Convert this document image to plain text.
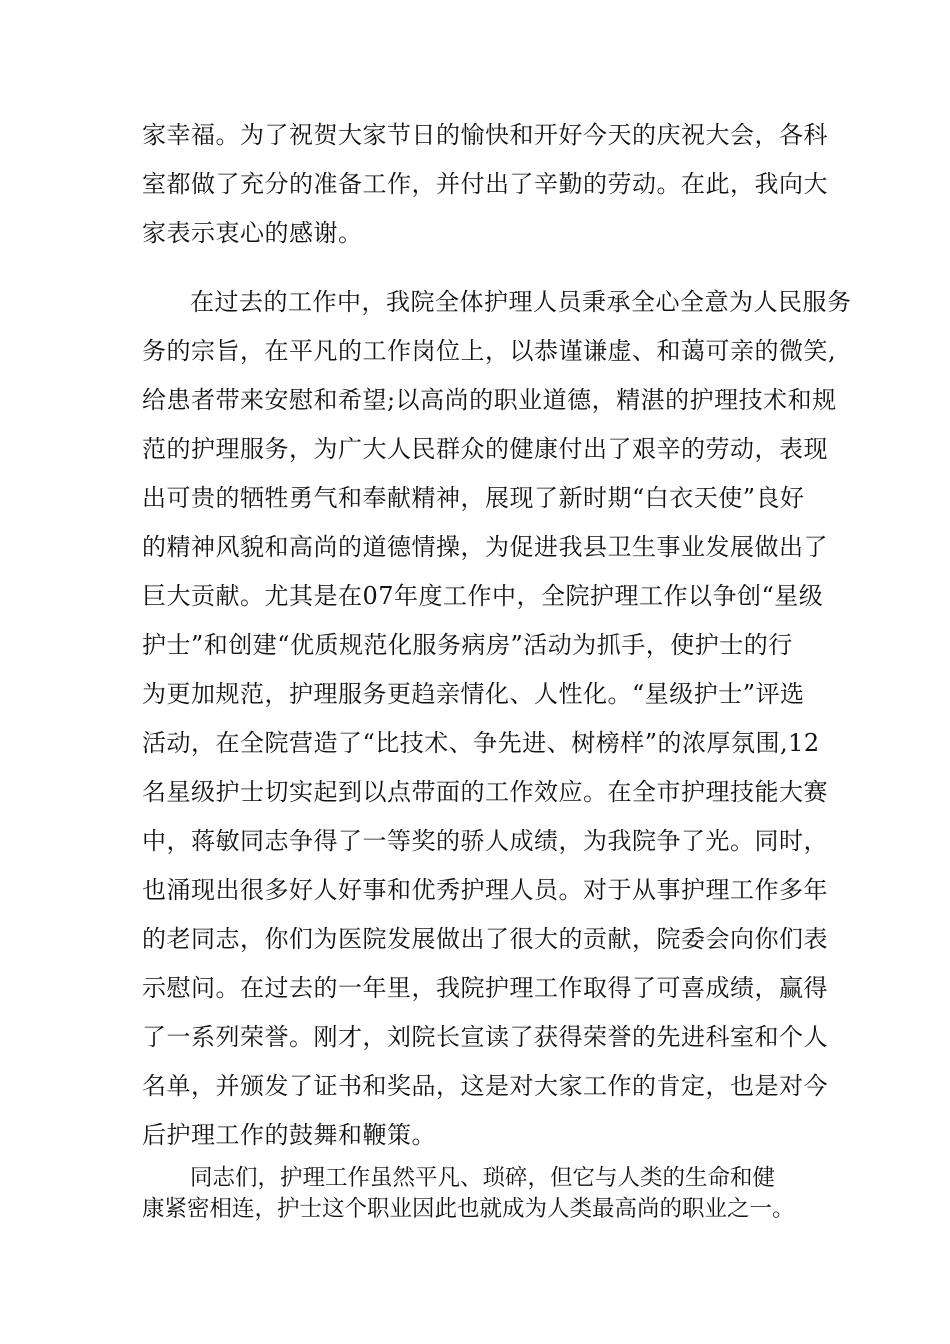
家幸福。为了祝贺大家节日的愉快和开好今天的庆祝大会，各科
室都做了充分的准备工作，并付出了辛勤的劳动。在此，我向大
家表示衷心的感谢。
在过去的工作中，我院全体护理人员秉承全心全意为人民服务
务的宗旨，在平凡的工作岗位上，以恭谨谦虚、和蔼可亲的微笑,
给患者带来安慰和希望;以高尚的职业道德，精湛的护理技术和规
范的护理服务，为广大人民群众的健康付出了艰辛的劳动，表现
出可贵的牺牲勇气和奉献精神，展现了新时期“白衣天使”良好
的精神风貌和高尚的道德情操，为促进我县卫生事业发展做出了
巨大贡献。尤其是在07年度工作中，全院护理工作以争创“星级
护士”和创建“优质规范化服务病房”活动为抓手，使护士的行
为更加规范，护理服务更趋亲情化、人性化。“星级护士”评选
活动，在全院营造了“比技术、争先进、树榜样”的浓厚氛围,12
名星级护士切实起到以点带面的工作效应。在全市护理技能大赛
中，蒋敏同志争得了一等奖的骄人成绩，为我院争了光。同时，
也涌现出很多好人好事和优秀护理人员。对于从事护理工作多年
的老同志，你们为医院发展做出了很大的贡献，院委会向你们表
示慰问。在过去的一年里，我院护理工作取得了可喜成绩，赢得
了一系列荣誉。刚才，刘院长宣读了获得荣誉的先进科室和个人
名单，并颁发了证书和奖品，这是对大家工作的肯定，也是对今
后护理工作的鼓舞和鞭策。
同志们，护理工作虽然平凡、琐碎，但它与人类的生命和健
康紧密相连，护士这个职业因此也就成为人类最高尚的职业之一。
